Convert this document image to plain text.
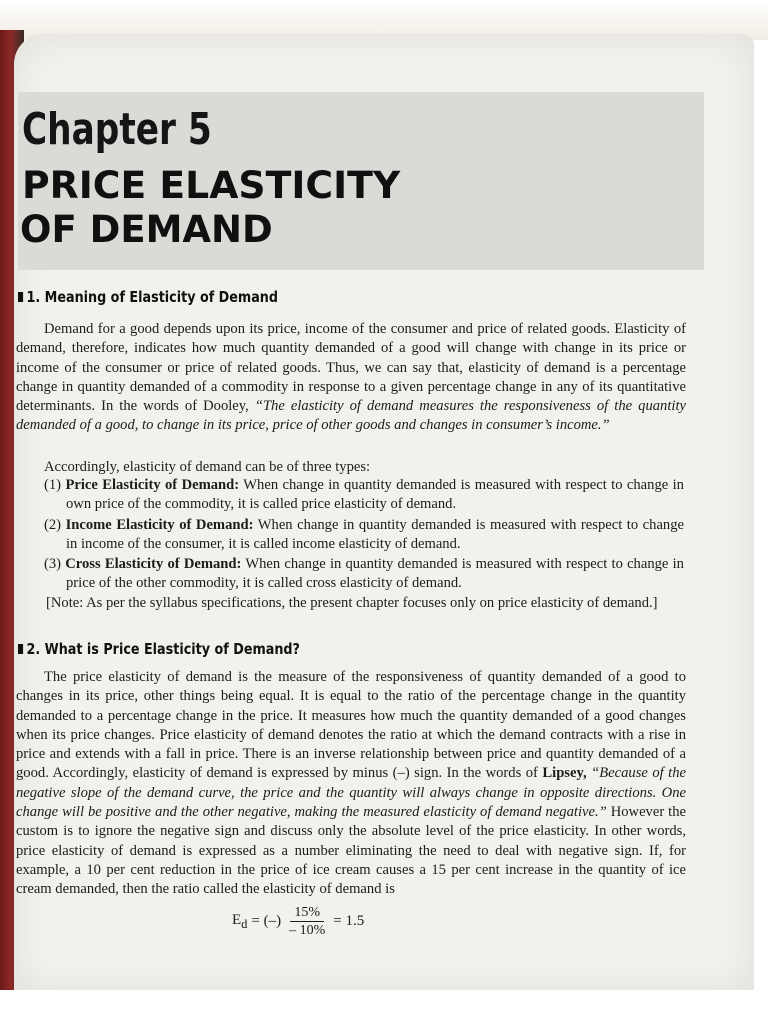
Chapter 5
PRICE ELASTICITY
OF DEMAND
1. Meaning of Elasticity of Demand

Demand for a good depends upon its price, income of the consumer and price of related goods. Elasticity of demand, therefore, indicates how much quantity demanded of a good will change with change in its price or income of the consumer or price of related goods. Thus, we can say that, elasticity of demand is a percentage change in quantity demanded of a commodity in response to a given percentage change in any of its quantitative determinants. In the words of Dooley, “The elasticity of demand measures the responsiveness of the quantity demanded of a good, to change in its price, price of other goods and changes in consumer’s income.”

Accordingly, elasticity of demand can be of three types:

(1) Price Elasticity of Demand: When change in quantity demanded is measured with respect to change in own price of the commodity, it is called price elasticity of demand.

(2) Income Elasticity of Demand: When change in quantity demanded is measured with respect to change in income of the consumer, it is called income elasticity of demand.

(3) Cross Elasticity of Demand: When change in quantity demanded is measured with respect to change in price of the other commodity, it is called cross elasticity of demand.

[Note: As per the syllabus specifications, the present chapter focuses only on price elasticity of demand.]
2. What is Price Elasticity of Demand?

The price elasticity of demand is the measure of the responsiveness of quantity demanded of a good to changes in its price, other things being equal. It is equal to the ratio of the percentage change in the quantity demanded to a percentage change in the price. It measures how much the quantity demanded of a good changes when its price changes. Price elasticity of demand denotes the ratio at which the demand contracts with a rise in price and extends with a fall in price. There is an inverse relationship between price and quantity demanded of a good. Accordingly, elasticity of demand is expressed by minus (–) sign. In the words of Lipsey, “Because of the negative slope of the demand curve, the price and the quantity will always change in opposite directions. One change will be positive and the other negative, making the measured elasticity of demand negative.” However the custom is to ignore the negative sign and discuss only the absolute level of the price elasticity. In other words, price elasticity of demand is expressed as a number eliminating the need to deal with negative sign. If, for example, a 10 per cent reduction in the price of ice cream causes a 15 per cent increase in the quantity of ice cream demanded, then the ratio called the elasticity of demand is

$E_d$ = (–) $\frac{15\%}{- 10\%} = 1.5$
